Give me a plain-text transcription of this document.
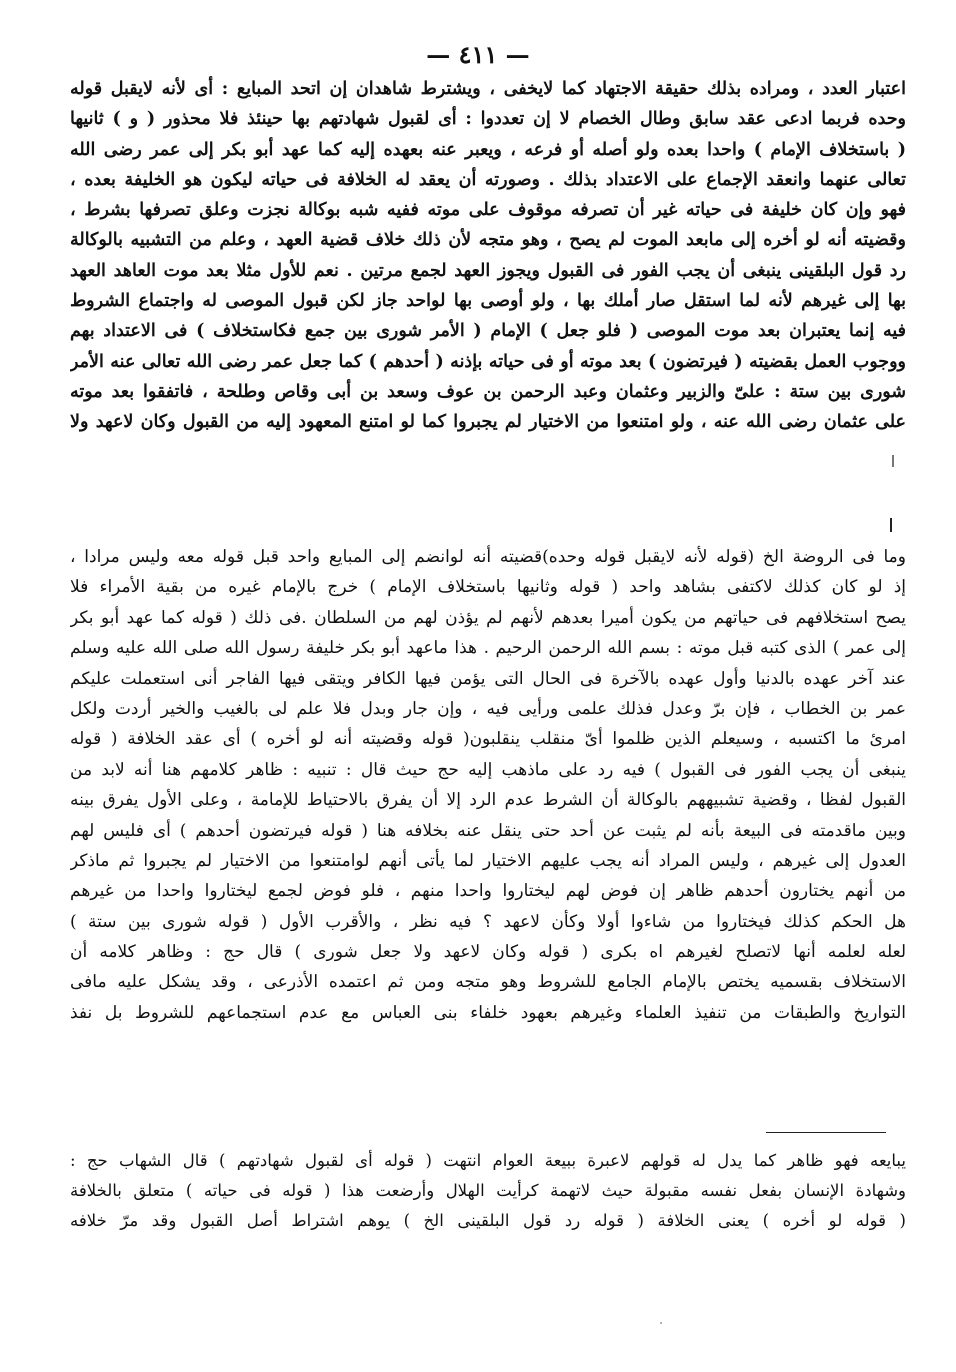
— ٤١١ —
اعتبار العدد ، ومراده بذلك حقيقة الاجتهاد كما لايخفى ، ويشترط شاهدان إن اتحد المبايع : أى لأنه لايقبل قوله
وحده فربما ادعى عقد سابق وطال الخصام لا إن تعددوا : أى لقبول شهادتهم بها حينئذ فلا محذور ( و ) ثانيها
( باستخلاف الإمام ) واحدا بعده ولو أصله أو فرعه ، ويعبر عنه بعهده إليه كما عهد أبو بكر إلى عمر رضى الله
تعالى عنهما وانعقد الإجماع على الاعتداد بذلك . وصورته أن يعقد له الخلافة فى حياته ليكون هو الخليفة بعده ،
فهو وإن كان خليفة فى حياته غير أن تصرفه موقوف على موته ففيه شبه بوكالة نجزت وعلق تصرفها بشرط ،
وقضيته أنه لو أخره إلى مابعد الموت لم يصح ، وهو متجه لأن ذلك خلاف قضية العهد ، وعلم من التشبيه بالوكالة
رد قول البلقينى ينبغى أن يجب الفور فى القبول ويجوز العهد لجمع مرتين . نعم للأول مثلا بعد موت العاهد العهد
بها إلى غيرهم لأنه لما استقل صار أملك بها ، ولو أوصى بها لواحد جاز لكن قبول الموصى له واجتماع الشروط
فيه إنما يعتبران بعد موت الموصى ( فلو جعل ) الإمام ( الأمر شورى بين جمع فكاستخلاف ) فى الاعتداد بهم
ووجوب العمل بقضيته ( فيرتضون ) بعد موته أو فى حياته بإذنه ( أحدهم ) كما جعل عمر رضى الله تعالى عنه الأمر
شورى بين ستة : علىّ والزبير وعثمان وعبد الرحمن بن عوف وسعد بن أبى وقاص وطلحة ، فاتفقوا بعد موته
على عثمان رضى الله عنه ، ولو امتنعوا من الاختيار لم يجبروا كما لو امتنع المعهود إليه من القبول وكان لاعهد ولا
وما فى الروضة الخ (قوله لأنه لايقبل قوله وحده)قضيته أنه لوانضم إلى المبايع واحد قبل قوله معه وليس مرادا ،
إذ لو كان كذلك لاكتفى بشاهد واحد ( قوله وثانيها باستخلاف الإمام ) خرج بالإمام غيره من بقية الأمراء فلا
يصح استخلافهم فى حياتهم من يكون أميرا بعدهم لأنهم لم يؤذن لهم من السلطان .فى ذلك ( قوله كما عهد أبو بكر
إلى عمر ) الذى كتبه قبل موته : بسم الله الرحمن الرحيم . هذا ماعهد أبو بكر خليفة رسول الله صلى الله عليه وسلم
عند آخر عهده بالدنيا وأول عهده بالآخرة فى الحال التى يؤمن فيها الكافر ويتقى فيها الفاجر أنى استعملت عليكم
عمر بن الخطاب ، فإن برّ وعدل فذلك علمى ورأيى فيه ، وإن جار وبدل فلا علم لى بالغيب والخير أردت ولكل
امرئ ما اكتسبه ، وسيعلم الذين ظلموا أىّ منقلب ينقلبون( قوله وقضيته أنه لو أخره ) أى عقد الخلافة ( قوله
ينبغى أن يجب الفور فى القبول ) فيه رد على ماذهب إليه حج حيث قال : تنبيه : ظاهر كلامهم هنا أنه لابد من
القبول لفظا ، وقضية تشبيههم بالوكالة أن الشرط عدم الرد إلا أن يفرق بالاحتياط للإمامة ، وعلى الأول يفرق بينه
وبين ماقدمته فى البيعة بأنه لم يثبت عن أحد حتى ينقل عنه بخلافه هنا ( قوله فيرتضون أحدهم ) أى فليس لهم
العدول إلى غيرهم ، وليس المراد أنه يجب عليهم الاختيار لما يأتى أنهم لوامتنعوا من الاختيار لم يجبروا ثم ماذكر
من أنهم يختارون أحدهم ظاهر إن فوض لهم ليختاروا واحدا منهم ، فلو فوض لجمع ليختاروا واحدا من غيرهم
هل الحكم كذلك فيختاروا من شاءوا أولا وكأن لاعهد ؟ فيه نظر ، والأقرب الأول ( قوله شورى بين ستة )
لعله لعلمه أنها لاتصلح لغيرهم اه بكرى ( قوله وكان لاعهد ولا جعل شورى ) قال حج : وظاهر كلامه أن
الاستخلاف بقسميه يختص بالإمام الجامع للشروط وهو متجه ومن ثم اعتمده الأذرعى ، وقد يشكل عليه مافى
التواريخ والطبقات من تنفيذ العلماء وغيرهم بعهود خلفاء بنى العباس مع عدم استجماعهم للشروط بل نفذ
يبايعه فهو ظاهر كما يدل له قولهم لاعبرة ببيعة العوام انتهت ( قوله أى لقبول شهادتهم ) قال الشهاب حج :
وشهادة الإنسان بفعل نفسه مقبولة حيث لاتهمة كرأيت الهلال وأرضعت هذا ( قوله فى حياته ) متعلق بالخلافة
( قوله لو أخره ) يعنى الخلافة ( قوله رد قول البلقينى الخ ) يوهم اشتراط أصل القبول وقد مرّ خلافه
